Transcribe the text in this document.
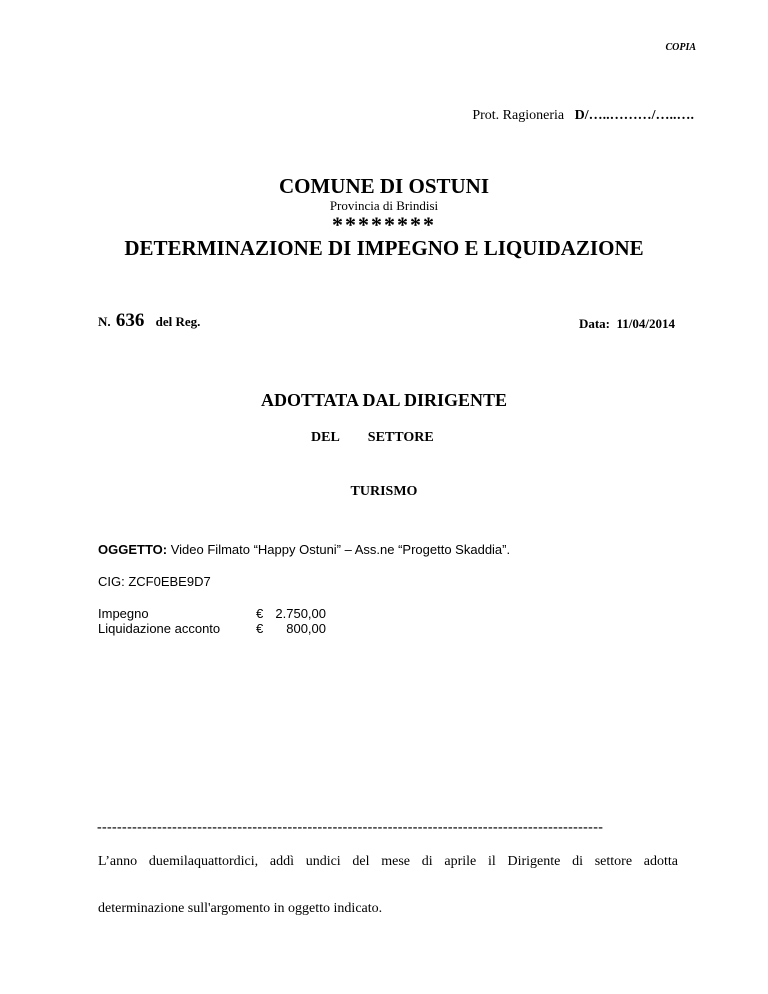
COPIA
Prot. Ragioneria D/…..………/…..….
COMUNE DI OSTUNI
Provincia di Brindisi
********
DETERMINAZIONE DI IMPEGNO E LIQUIDAZIONE
N. 636 del Reg.	Data: 11/04/2014
ADOTTATA DAL DIRIGENTE
DEL SETTORE
TURISMO
OGGETTO: Video Filmato “Happy Ostuni” – Ass.ne “Progetto Skaddia”.
CIG: ZCF0EBE9D7
Impegno	€ 2.750,00
Liquidazione acconto	€ 800,00
-----------------------------------------------------------------------------------------------------
L’anno duemilaquattordici, addì undici del mese di aprile il Dirigente di settore adotta
determinazione sull'argomento in oggetto indicato.
